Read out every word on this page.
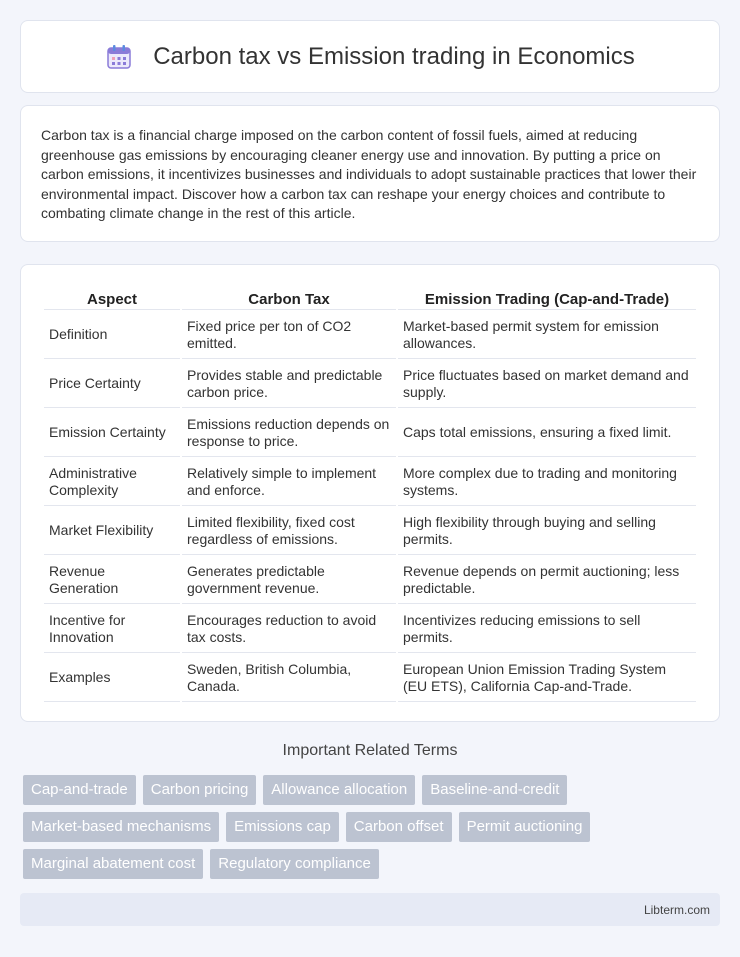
Carbon tax vs Emission trading in Economics

Carbon tax is a financial charge imposed on the carbon content of fossil fuels, aimed at reducing greenhouse gas emissions by encouraging cleaner energy use and innovation. By putting a price on carbon emissions, it incentivizes businesses and individuals to adopt sustainable practices that lower their environmental impact. Discover how a carbon tax can reshape your energy choices and contribute to combating climate change in the rest of this article.

Aspect	Carbon Tax	Emission Trading (Cap-and-Trade)
Definition	Fixed price per ton of CO2 emitted.	Market-based permit system for emission allowances.
Price Certainty	Provides stable and predictable carbon price.	Price fluctuates based on market demand and supply.
Emission Certainty	Emissions reduction depends on response to price.	Caps total emissions, ensuring a fixed limit.
Administrative Complexity	Relatively simple to implement and enforce.	More complex due to trading and monitoring systems.
Market Flexibility	Limited flexibility, fixed cost regardless of emissions.	High flexibility through buying and selling permits.
Revenue Generation	Generates predictable government revenue.	Revenue depends on permit auctioning; less predictable.
Incentive for Innovation	Encourages reduction to avoid tax costs.	Incentivizes reducing emissions to sell permits.
Examples	Sweden, British Columbia, Canada.	European Union Emission Trading System (EU ETS), California Cap-and-Trade.
Important Related Terms
Cap-and-trade	Carbon pricing	Allowance allocation	Baseline-and-credit
Market-based mechanisms	Emissions cap	Carbon offset	Permit auctioning
Marginal abatement cost	Regulatory compliance
Libterm.com
